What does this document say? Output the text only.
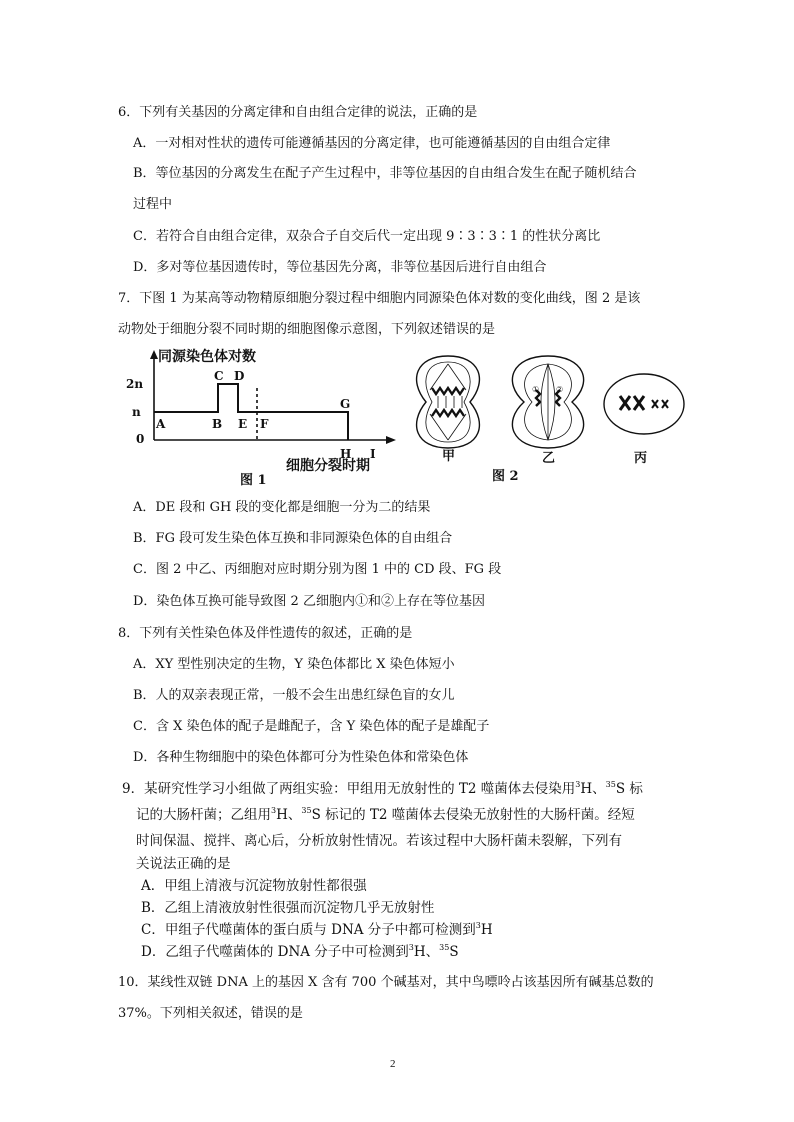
6．下列有关基因的分离定律和自由组合定律的说法，正确的是
A．一对相对性状的遗传可能遵循基因的分离定律，也可能遵循基因的自由组合定律
B．等位基因的分离发生在配子产生过程中，非等位基因的自由组合发生在配子随机结合
过程中
C．若符合自由组合定律，双杂合子自交后代一定出现 9∶3∶3∶1 的性状分离比
D．多对等位基因遗传时，等位基因先分离，非等位基因后进行自由组合
7．下图 1 为某高等动物精原细胞分裂过程中细胞内同源染色体对数的变化曲线，图 2 是该
动物处于细胞分裂不同时期的细胞图像示意图，下列叙述错误的是
同源染色体对数
2n
n
0
A	B
C D
E F
G
H I
细胞分裂时期
图 1
① ②
甲	乙	丙
图 2
A．DE 段和 GH 段的变化都是细胞一分为二的结果
B．FG 段可发生染色体互换和非同源染色体的自由组合
C．图 2 中乙、丙细胞对应时期分别为图 1 中的 CD 段、FG 段
D．染色体互换可能导致图 2 乙细胞内①和②上存在等位基因
8．下列有关性染色体及伴性遗传的叙述，正确的是
A．XY 型性别决定的生物，Y 染色体都比 X 染色体短小
B．人的双亲表现正常，一般不会生出患红绿色盲的女儿
C．含 X 染色体的配子是雌配子，含 Y 染色体的配子是雄配子
D．各种生物细胞中的染色体都可分为性染色体和常染色体
9．某研究性学习小组做了两组实验：甲组用无放射性的 T2 噬菌体去侵染用$^3$H、$^{35}$S 标
记的大肠杆菌；乙组用$^3$H、$^{35}$S 标记的 T2 噬菌体去侵染无放射性的大肠杆菌。经短
时间保温、搅拌、离心后，分析放射性情况。若该过程中大肠杆菌未裂解，下列有
关说法正确的是
A．甲组上清液与沉淀物放射性都很强
B．乙组上清液放射性很强而沉淀物几乎无放射性
C．甲组子代噬菌体的蛋白质与 DNA 分子中都可检测到$^3$H
D．乙组子代噬菌体的 DNA 分子中可检测到$^3$H、$^{35}$S
10．某线性双链 DNA 上的基因 X 含有 700 个碱基对，其中鸟嘌呤占该基因所有碱基总数的
37%。下列相关叙述，错误的是
2
